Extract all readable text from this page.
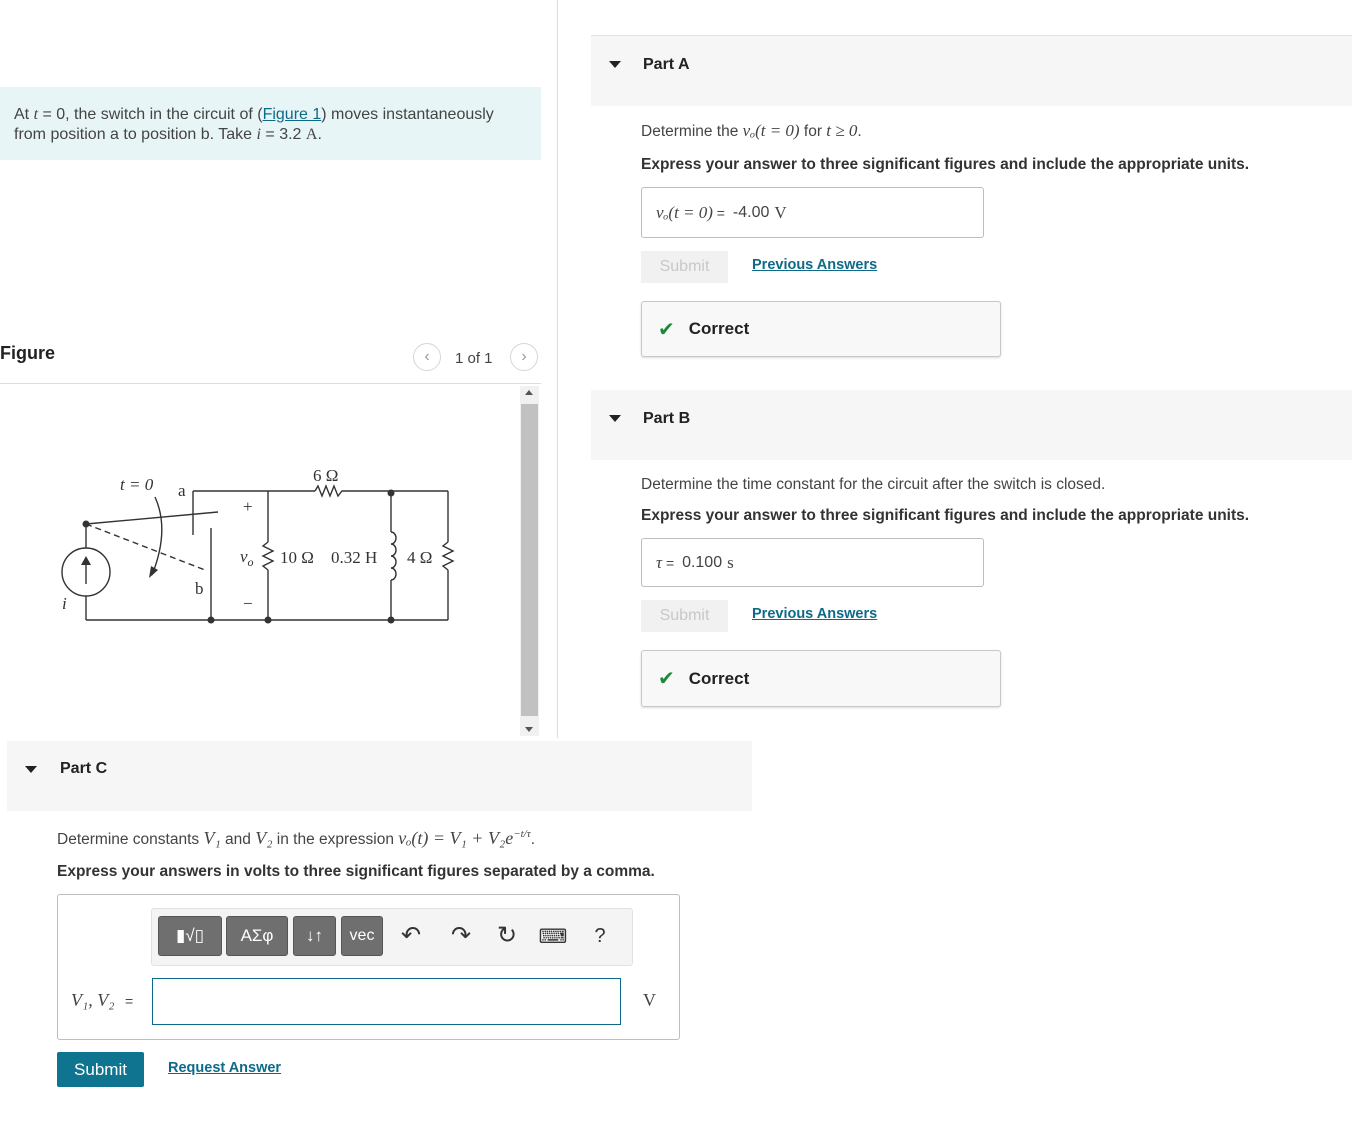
At t = 0, the switch in the circuit of (Figure 1) moves instantaneously from position a to position b. Take i = 3.2 A.
Figure	‹ 1 of 1 ›
t = 0 a
b
i
+
−
$v_o$
6 Ω
10 Ω 0.32 H 4 Ω
Part A
Determine the vₒ(t = 0) for t ≥ 0.
Express your answer to three significant figures and include the appropriate units.
vₒ(t = 0) = -4.00 V
Submit	Previous Answers
✔ Correct
Part B
Determine the time constant for the circuit after the switch is closed.
Express your answer to three significant figures and include the appropriate units.
τ = 0.100 s
Submit	Previous Answers
✔ Correct
Part C
Determine constants V₁ and V₂ in the expression $v_o(t) = V_1 + V_2e^{-t/\tau}$.
Express your answers in volts to three significant figures separated by a comma.
▮√▯ ΑΣφ ↓↑ vec ↶ ↷ ↻ ⌨	?
V₁, V₂ =	V
Submit	Request Answer
